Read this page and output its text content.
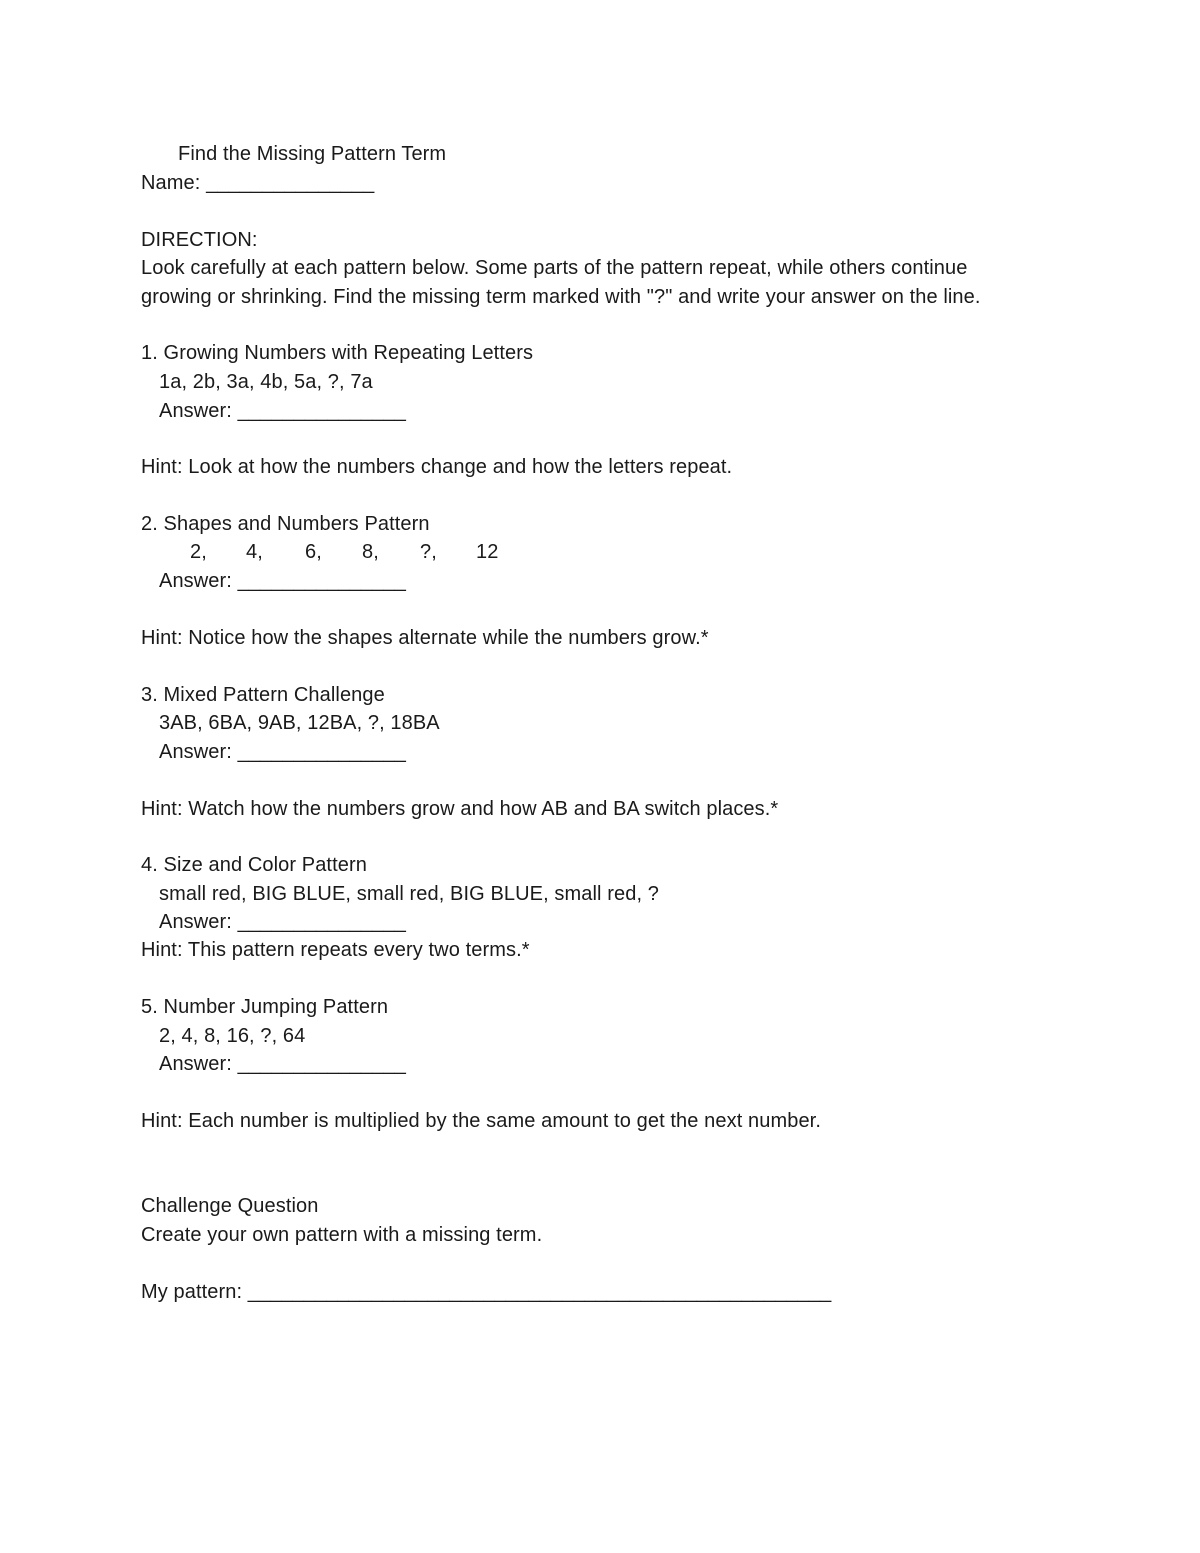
Find the Missing Pattern Term

Name: _______________

DIRECTION:

Look carefully at each pattern below. Some parts of the pattern repeat, while others continue

growing or shrinking. Find the missing term marked with "?" and write your answer on the line.

1. Growing Numbers with Repeating Letters

1a, 2b, 3a, 4b, 5a, ?, 7a

Answer: _______________

Hint: Look at how the numbers change and how the letters repeat.

2. Shapes and Numbers Pattern

2,

4,

6,

8,

?,

12

Answer: _______________

Hint: Notice how the shapes alternate while the numbers grow.*

3. Mixed Pattern Challenge

3AB, 6BA, 9AB, 12BA, ?, 18BA

Answer: _______________

Hint: Watch how the numbers grow and how AB and BA switch places.*

4. Size and Color Pattern

small red, BIG BLUE, small red, BIG BLUE, small red, ?

Answer: _______________

Hint: This pattern repeats every two terms.*

5. Number Jumping Pattern

2, 4, 8, 16, ?, 64

Answer: _______________

Hint: Each number is multiplied by the same amount to get the next number.

Challenge Question

Create your own pattern with a missing term.

My pattern: ____________________________________________________
